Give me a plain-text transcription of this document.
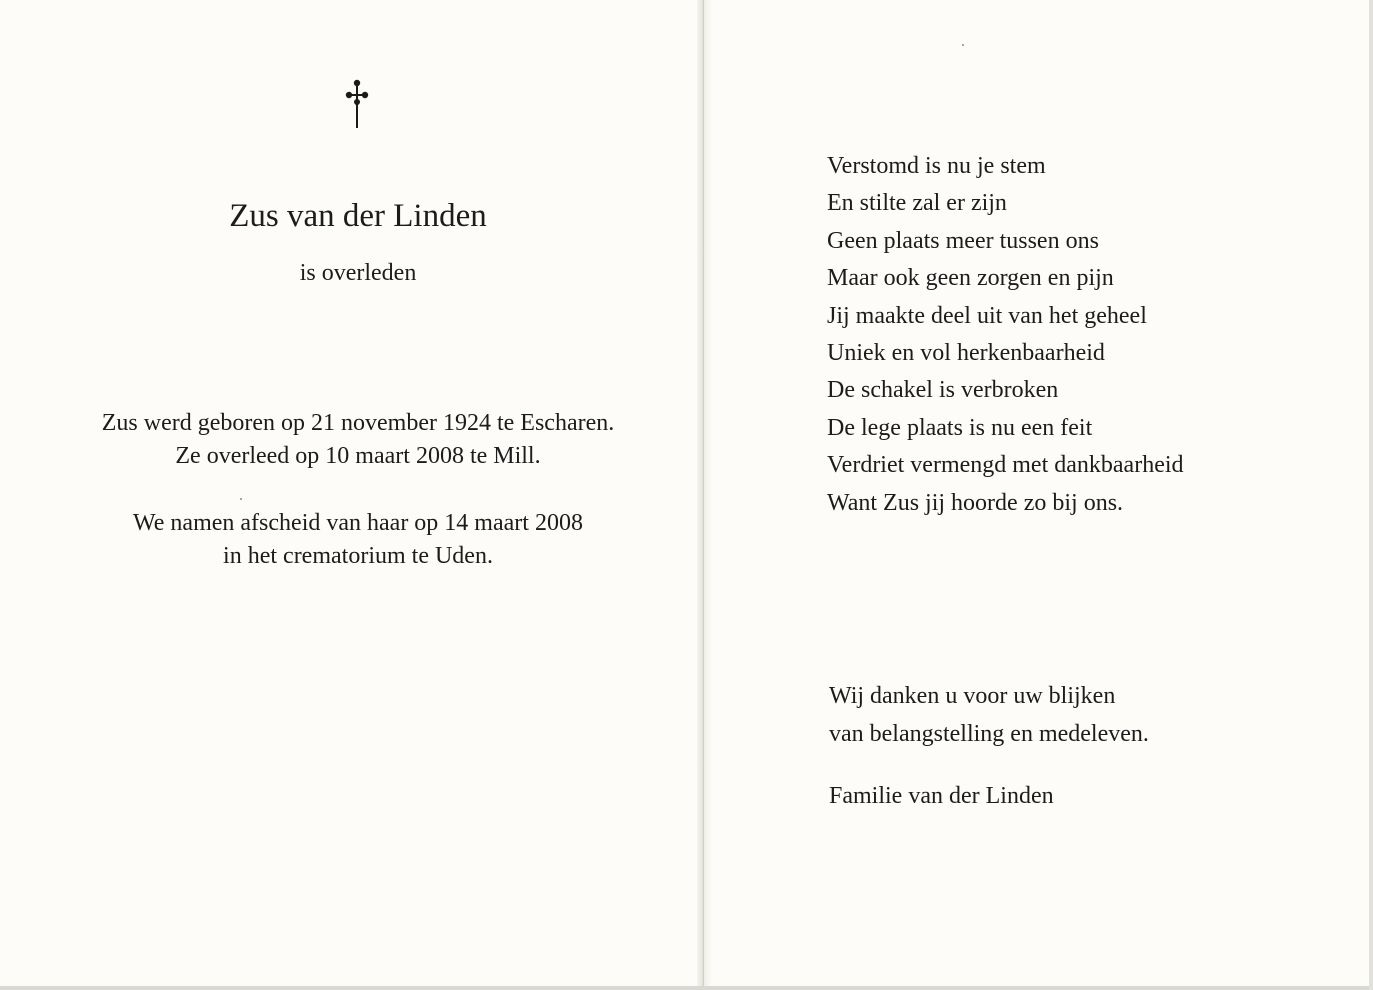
Zus van der Linden
is overleden
Zus werd geboren op 21 november 1924 te Escharen.
Ze overleed op 10 maart 2008 te Mill.
We namen afscheid van haar op 14 maart 2008
in het crematorium te Uden.
Verstomd is nu je stem
En stilte zal er zijn
Geen plaats meer tussen ons
Maar ook geen zorgen en pijn
Jij maakte deel uit van het geheel
Uniek en vol herkenbaarheid
De schakel is verbroken
De lege plaats is nu een feit
Verdriet vermengd met dankbaarheid
Want Zus jij hoorde zo bij ons.
Wij danken u voor uw blijken
van belangstelling en medeleven.
Familie van der Linden
